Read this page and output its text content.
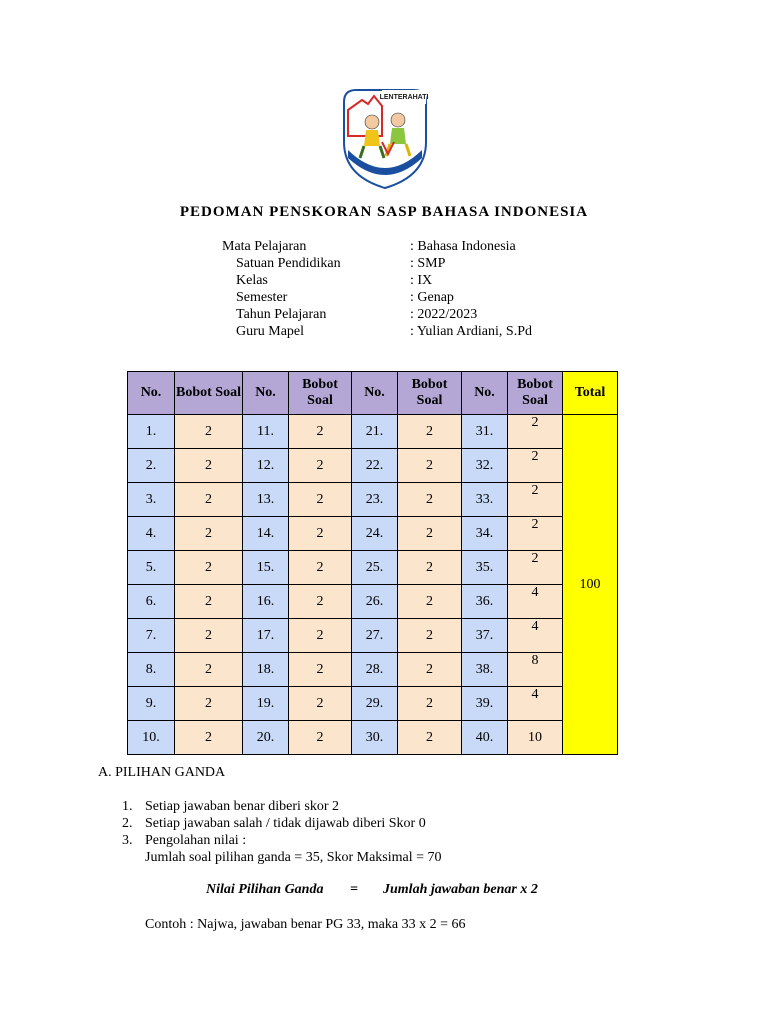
LENTERAHATI
PEDOMAN PENSKORAN SASP BAHASA INDONESIA
Mata Pelajaran	: Bahasa Indonesia
Satuan Pendidikan	: SMP
Kelas	: IX
Semester	: Genap
Tahun Pelajaran	: 2022/2023
Guru Mapel	: Yulian Ardiani, S.Pd
No.	Bobot Soal	No.	Bobot Soal	No.	Bobot Soal	No.	Bobot Soal	Total
1.	2	11.	2	21.	2	31.	2	100
2.	2	12.	2	22.	2	32.	2	
3.	2	13.	2	23.	2	33.	2	
4.	2	14.	2	24.	2	34.	2	
5.	2	15.	2	25.	2	35.	2	
6.	2	16.	2	26.	2	36.	4	
7.	2	17.	2	27.	2	37.	4	
8.	2	18.	2	28.	2	38.	8	
9.	2	19.	2	29.	2	39.	4	
10.	2	20.	2	30.	2	40.	10	
A. PILIHAN GANDA
1. Setiap jawaban benar diberi skor 2
2. Setiap jawaban salah / tidak dijawab diberi Skor 0
3. Pengolahan nilai :
Jumlah soal pilihan ganda = 35, Skor Maksimal = 70
Nilai Pilihan Ganda = Jumlah jawaban benar x 2
Contoh : Najwa, jawaban benar PG 33, maka 33 x 2 = 66
